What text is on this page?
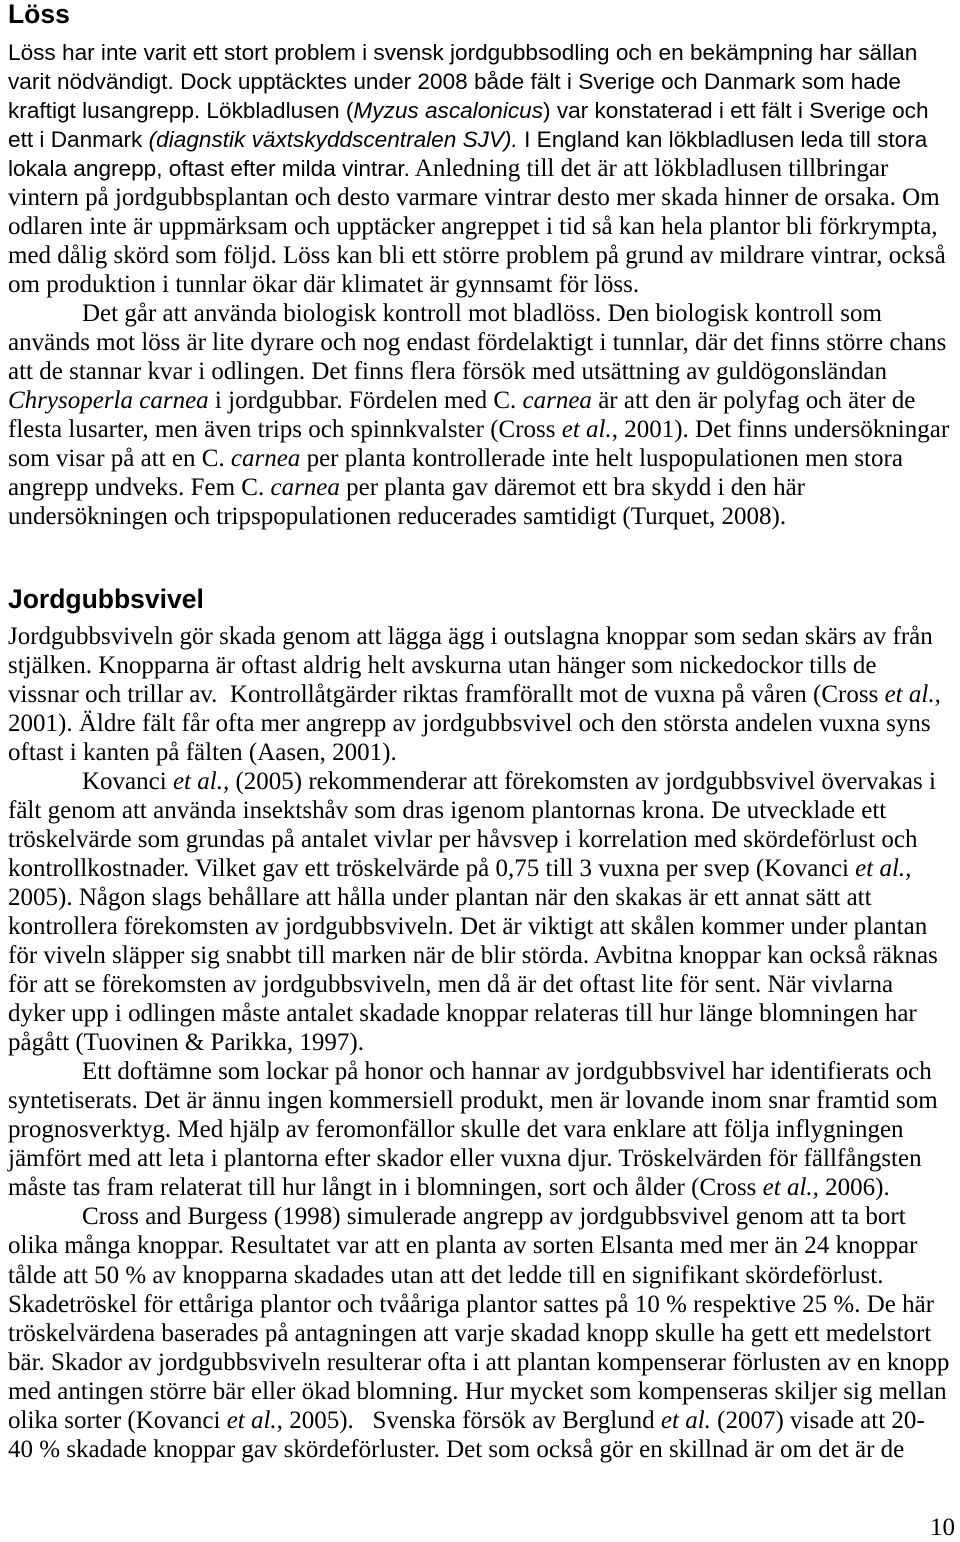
Löss
Löss har inte varit ett stort problem i svensk jordgubbsodling och en bekämpning har sällan
varit nödvändigt. Dock upptäcktes under 2008 både fält i Sverige och Danmark som hade
kraftigt lusangrepp. Lökbladlusen (Myzus ascalonicus) var konstaterad i ett fält i Sverige och
ett i Danmark (diagnstik växtskyddscentralen SJV). I England kan lökbladlusen leda till stora
lokala angrepp, oftast efter milda vintrar. Anledning till det är att lökbladlusen tillbringar
vintern på jordgubbsplantan och desto varmare vintrar desto mer skada hinner de orsaka. Om
odlaren inte är uppmärksam och upptäcker angreppet i tid så kan hela plantor bli förkrympta,
med dålig skörd som följd. Löss kan bli ett större problem på grund av mildrare vintrar, också
om produktion i tunnlar ökar där klimatet är gynnsamt för löss.
Det går att använda biologisk kontroll mot bladlöss. Den biologisk kontroll som
används mot löss är lite dyrare och nog endast fördelaktigt i tunnlar, där det finns större chans
att de stannar kvar i odlingen. Det finns flera försök med utsättning av guldögonsländan
Chrysoperla carnea i jordgubbar. Fördelen med C. carnea är att den är polyfag och äter de
flesta lusarter, men även trips och spinnkvalster (Cross et al., 2001). Det finns undersökningar
som visar på att en C. carnea per planta kontrollerade inte helt luspopulationen men stora
angrepp undveks. Fem C. carnea per planta gav däremot ett bra skydd i den här
undersökningen och tripspopulationen reducerades samtidigt (Turquet, 2008).
Jordgubbsvivel
Jordgubbsviveln gör skada genom att lägga ägg i outslagna knoppar som sedan skärs av från
stjälken. Knopparna är oftast aldrig helt avskurna utan hänger som nickedockor tills de
vissnar och trillar av.  Kontrollåtgärder riktas framförallt mot de vuxna på våren (Cross et al.,
2001). Äldre fält får ofta mer angrepp av jordgubbsvivel och den största andelen vuxna syns
oftast i kanten på fälten (Aasen, 2001).
Kovanci et al., (2005) rekommenderar att förekomsten av jordgubbsvivel övervakas i
fält genom att använda insektshåv som dras igenom plantornas krona. De utvecklade ett
tröskelvärde som grundas på antalet vivlar per håvsvep i korrelation med skördeförlust och
kontrollkostnader. Vilket gav ett tröskelvärde på 0,75 till 3 vuxna per svep (Kovanci et al.,
2005). Någon slags behållare att hålla under plantan när den skakas är ett annat sätt att
kontrollera förekomsten av jordgubbsviveln. Det är viktigt att skålen kommer under plantan
för viveln släpper sig snabbt till marken när de blir störda. Avbitna knoppar kan också räknas
för att se förekomsten av jordgubbsviveln, men då är det oftast lite för sent. När vivlarna
dyker upp i odlingen måste antalet skadade knoppar relateras till hur länge blomningen har
pågått (Tuovinen & Parikka, 1997).
Ett doftämne som lockar på honor och hannar av jordgubbsvivel har identifierats och
syntetiserats. Det är ännu ingen kommersiell produkt, men är lovande inom snar framtid som
prognosverktyg. Med hjälp av feromonfällor skulle det vara enklare att följa inflygningen
jämfört med att leta i plantorna efter skador eller vuxna djur. Tröskelvärden för fällfångsten
måste tas fram relaterat till hur långt in i blomningen, sort och ålder (Cross et al., 2006).
Cross and Burgess (1998) simulerade angrepp av jordgubbsvivel genom att ta bort
olika många knoppar. Resultatet var att en planta av sorten Elsanta med mer än 24 knoppar
tålde att 50 % av knopparna skadades utan att det ledde till en signifikant skördeförlust.
Skadetröskel för ettåriga plantor och tvååriga plantor sattes på 10 % respektive 25 %. De här
tröskelvärdena baserades på antagningen att varje skadad knopp skulle ha gett ett medelstort
bär. Skador av jordgubbsviveln resulterar ofta i att plantan kompenserar förlusten av en knopp
med antingen större bär eller ökad blomning. Hur mycket som kompenseras skiljer sig mellan
olika sorter (Kovanci et al., 2005).   Svenska försök av Berglund et al. (2007) visade att 20-
40 % skadade knoppar gav skördeförluster. Det som också gör en skillnad är om det är de
10
